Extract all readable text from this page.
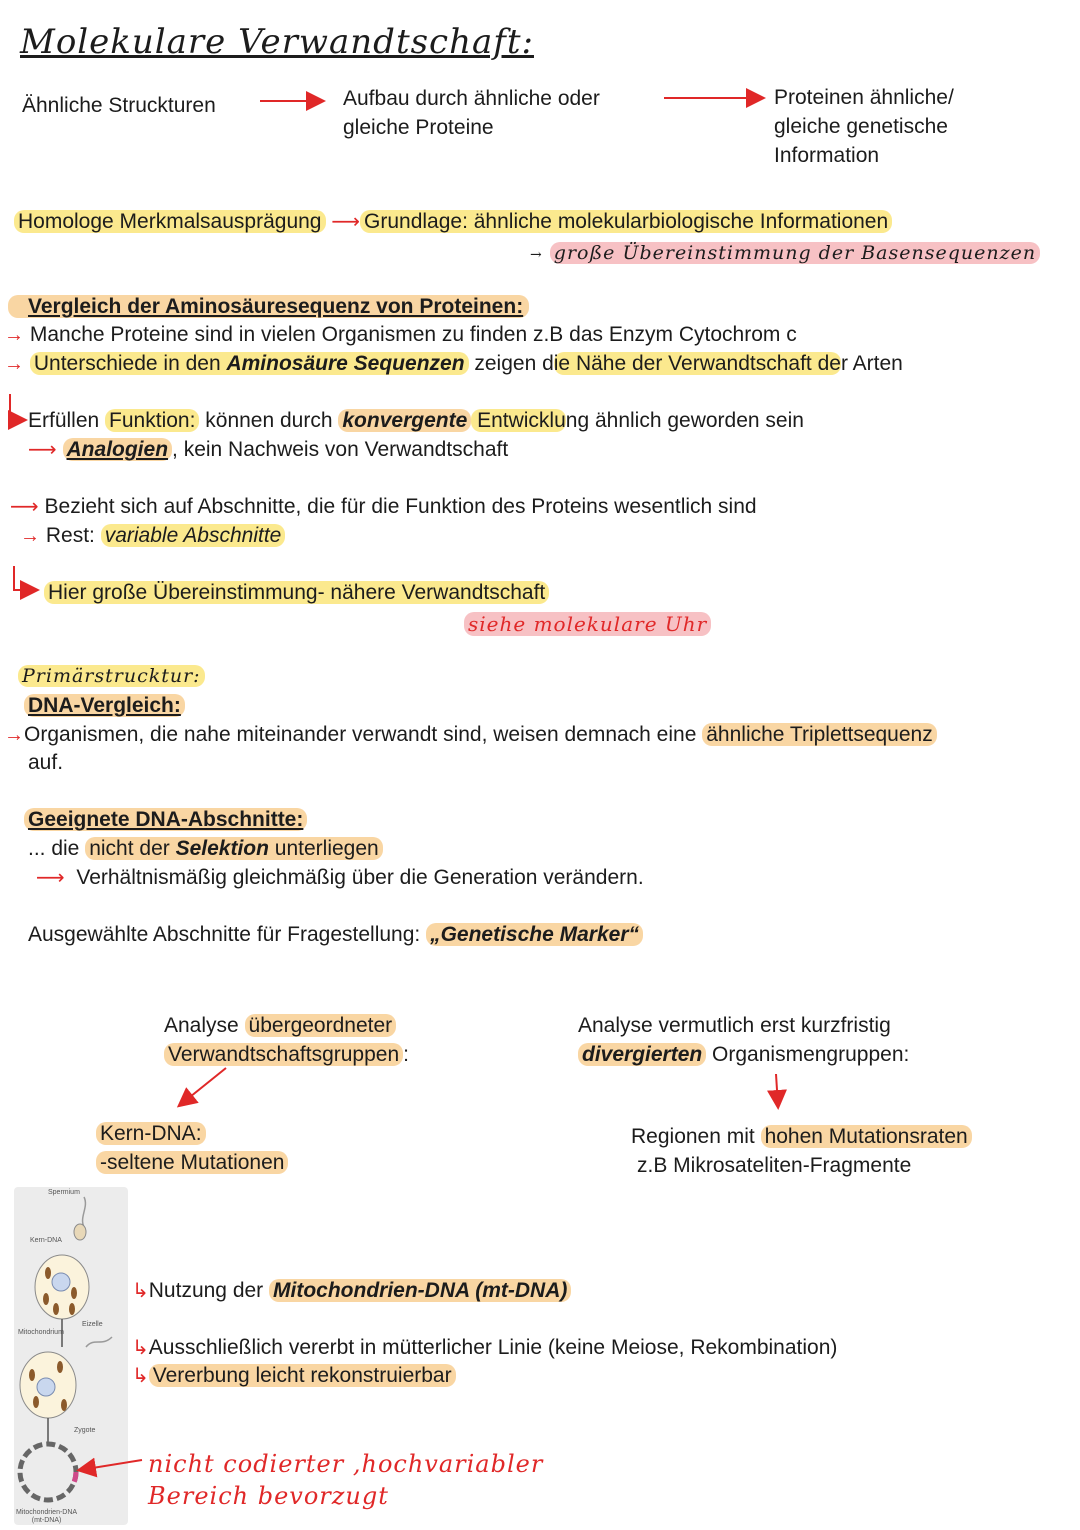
Molekulare Verwandtschaft:
Ähnliche Struckturen	Aufbau durch ähnliche oder
gleiche Proteine
Proteinen ähnliche/
gleiche genetische
Information
Homologe Merkmalsausprägung ⟶ Grundlage: ähnliche molekularbiologische Informationen
→ große Übereinstimmung der Basensequenzen
Vergleich der Aminosäuresequenz von Proteinen:
→ Manche Proteine sind in vielen Organismen zu finden z.B das Enzym Cytochrom c
→ Unterschiede in den Aminosäure Sequenzen zeigen die Nähe der Verwandtschaft der Arten
Erfüllen Funktion: können durch konvergente Entwicklung ähnlich geworden sein
⟶ Analogien , kein Nachweis von Verwandtschaft
⟶ Bezieht sich auf Abschnitte, die für die Funktion des Proteins wesentlich sind
→ Rest: variable Abschnitte
Hier große Übereinstimmung- nähere Verwandtschaft
siehe molekulare Uhr
Primärstrucktur:
DNA-Vergleich:
→Organismen, die nahe miteinander verwandt sind, weisen demnach eine ähnliche Triplettsequenz
auf.
Geeignete DNA-Abschnitte:
... die nicht der Selektion unterliegen
⟶ Verhältnismäßig gleichmäßig über die Generation verändern.
Ausgewählte Abschnitte für Fragestellung: „Genetische Marker“
Analyse übergeordneter
Verwandtschaftsgruppen :
Analyse vermutlich erst kurzfristig
divergierten Organismengruppen:
Kern-DNA:
-seltene Mutationen
Regionen mit hohen Mutationsraten
z.B Mikrosateliten-Fragmente
↳Nutzung der Mitochondrien-DNA (mt-DNA)
↳Ausschließlich vererbt in mütterlicher Linie (keine Meiose, Rekombination)
↳ Vererbung leicht rekonstruierbar
nicht codierter ,hochvariabler
Bereich bevorzugt
Spermium
Kern-DNA
Mitochondrium
Eizelle
Zygote
Mitochondrien-DNA
(mt-DNA)
